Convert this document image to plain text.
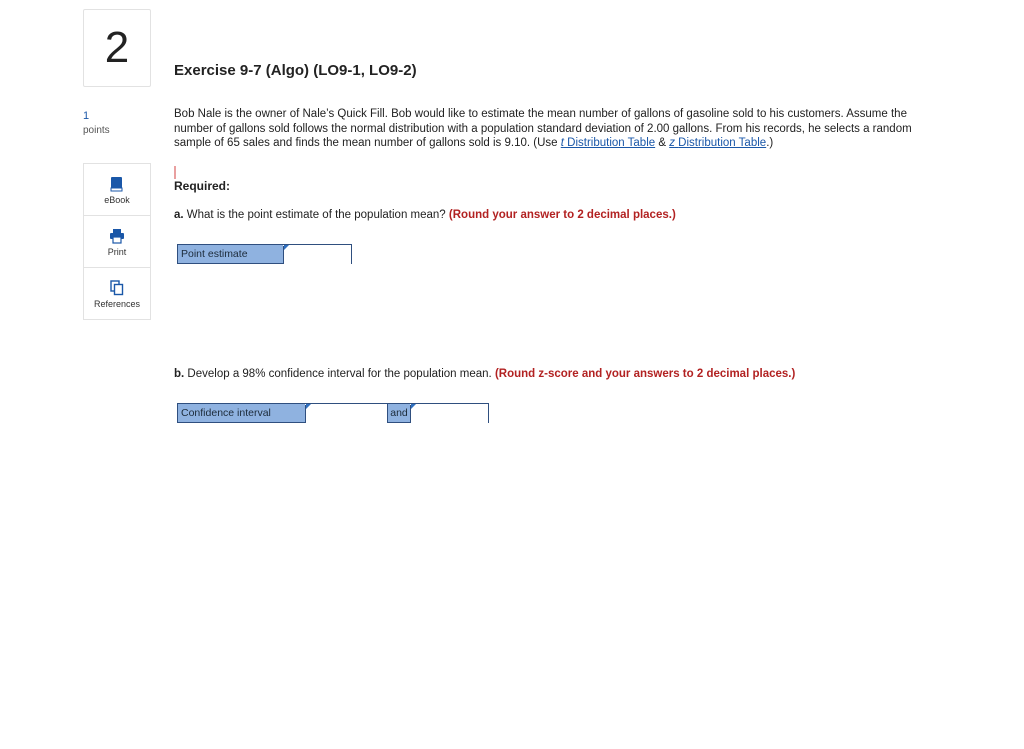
2
1
points
eBook
Print
References
Exercise 9-7 (Algo) (LO9-1, LO9-2)
Bob Nale is the owner of Nale’s Quick Fill. Bob would like to estimate the mean number of gallons of gasoline sold to his customers. Assume the number of gallons sold follows the normal distribution with a population standard deviation of 2.00 gallons. From his records, he selects a random sample of 65 sales and finds the mean number of gallons sold is 9.10. (Use t Distribution Table & z Distribution Table.)
Required:
a. What is the point estimate of the population mean? (Round your answer to 2 decimal places.)
Point estimate
b. Develop a 98% confidence interval for the population mean. (Round z-score and your answers to 2 decimal places.)
Confidence interval	and
